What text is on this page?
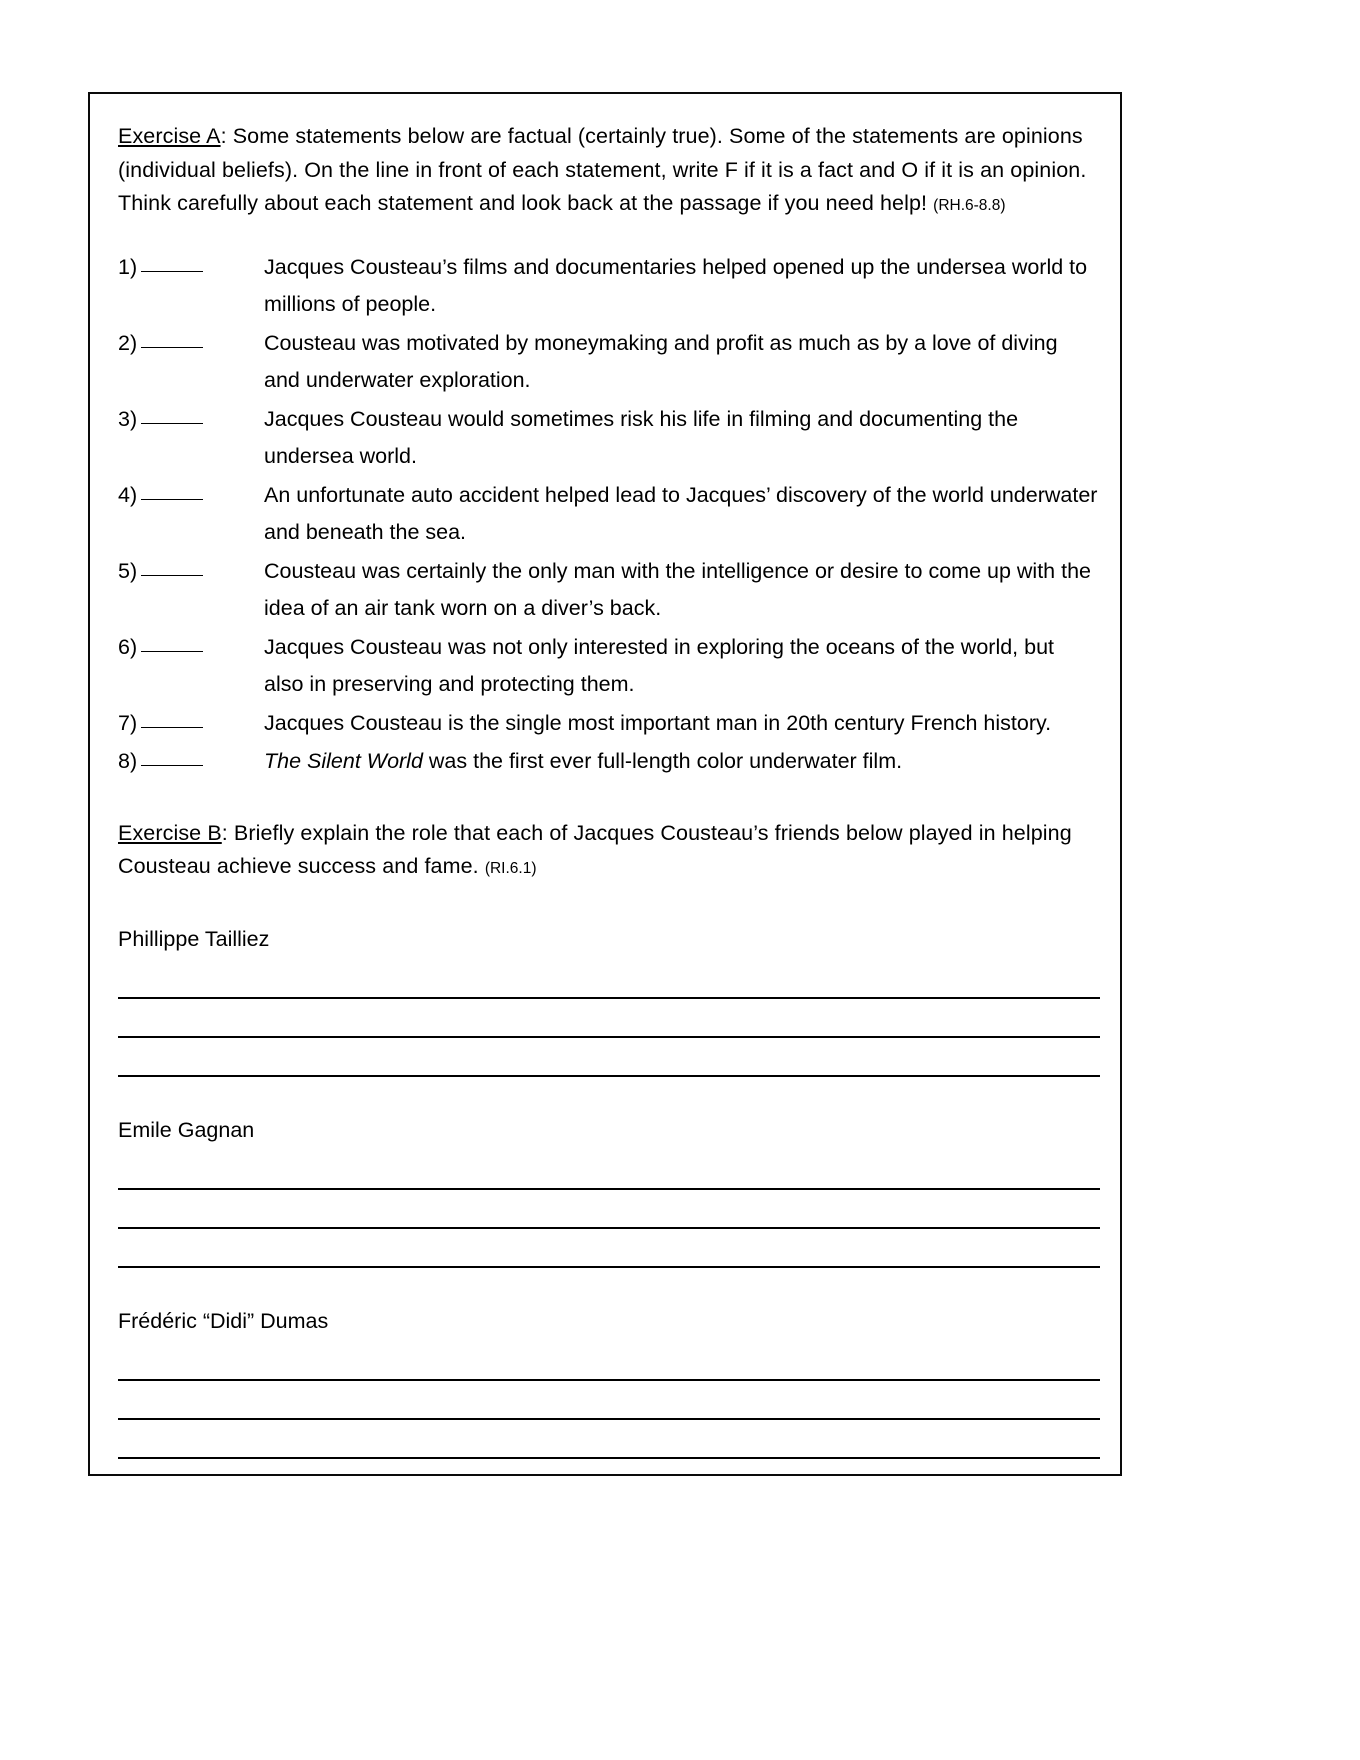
Exercise A: Some statements below are factual (certainly true). Some of the statements are opinions (individual beliefs). On the line in front of each statement, write F if it is a fact and O if it is an opinion. Think carefully about each statement and look back at the passage if you need help! (RH.6-8.8)

1)	Jacques Cousteau’s films and documentaries helped opened up the undersea world to millions of people.
2)	Cousteau was motivated by moneymaking and profit as much as by a love of diving and underwater exploration.
3)	Jacques Cousteau would sometimes risk his life in filming and documenting the undersea world.
4)	An unfortunate auto accident helped lead to Jacques’ discovery of the world underwater and beneath the sea.
5)	Cousteau was certainly the only man with the intelligence or desire to come up with the idea of an air tank worn on a diver’s back.
6)	Jacques Cousteau was not only interested in exploring the oceans of the world, but also in preserving and protecting them.
7)	Jacques Cousteau is the single most important man in 20th century French history.
8)	The Silent World was the first ever full-length color underwater film.

Exercise B: Briefly explain the role that each of Jacques Cousteau’s friends below played in helping Cousteau achieve success and fame. (RI.6.1)

Phillippe Tailliez
Emile Gagnan
Frédéric “Didi” Dumas
